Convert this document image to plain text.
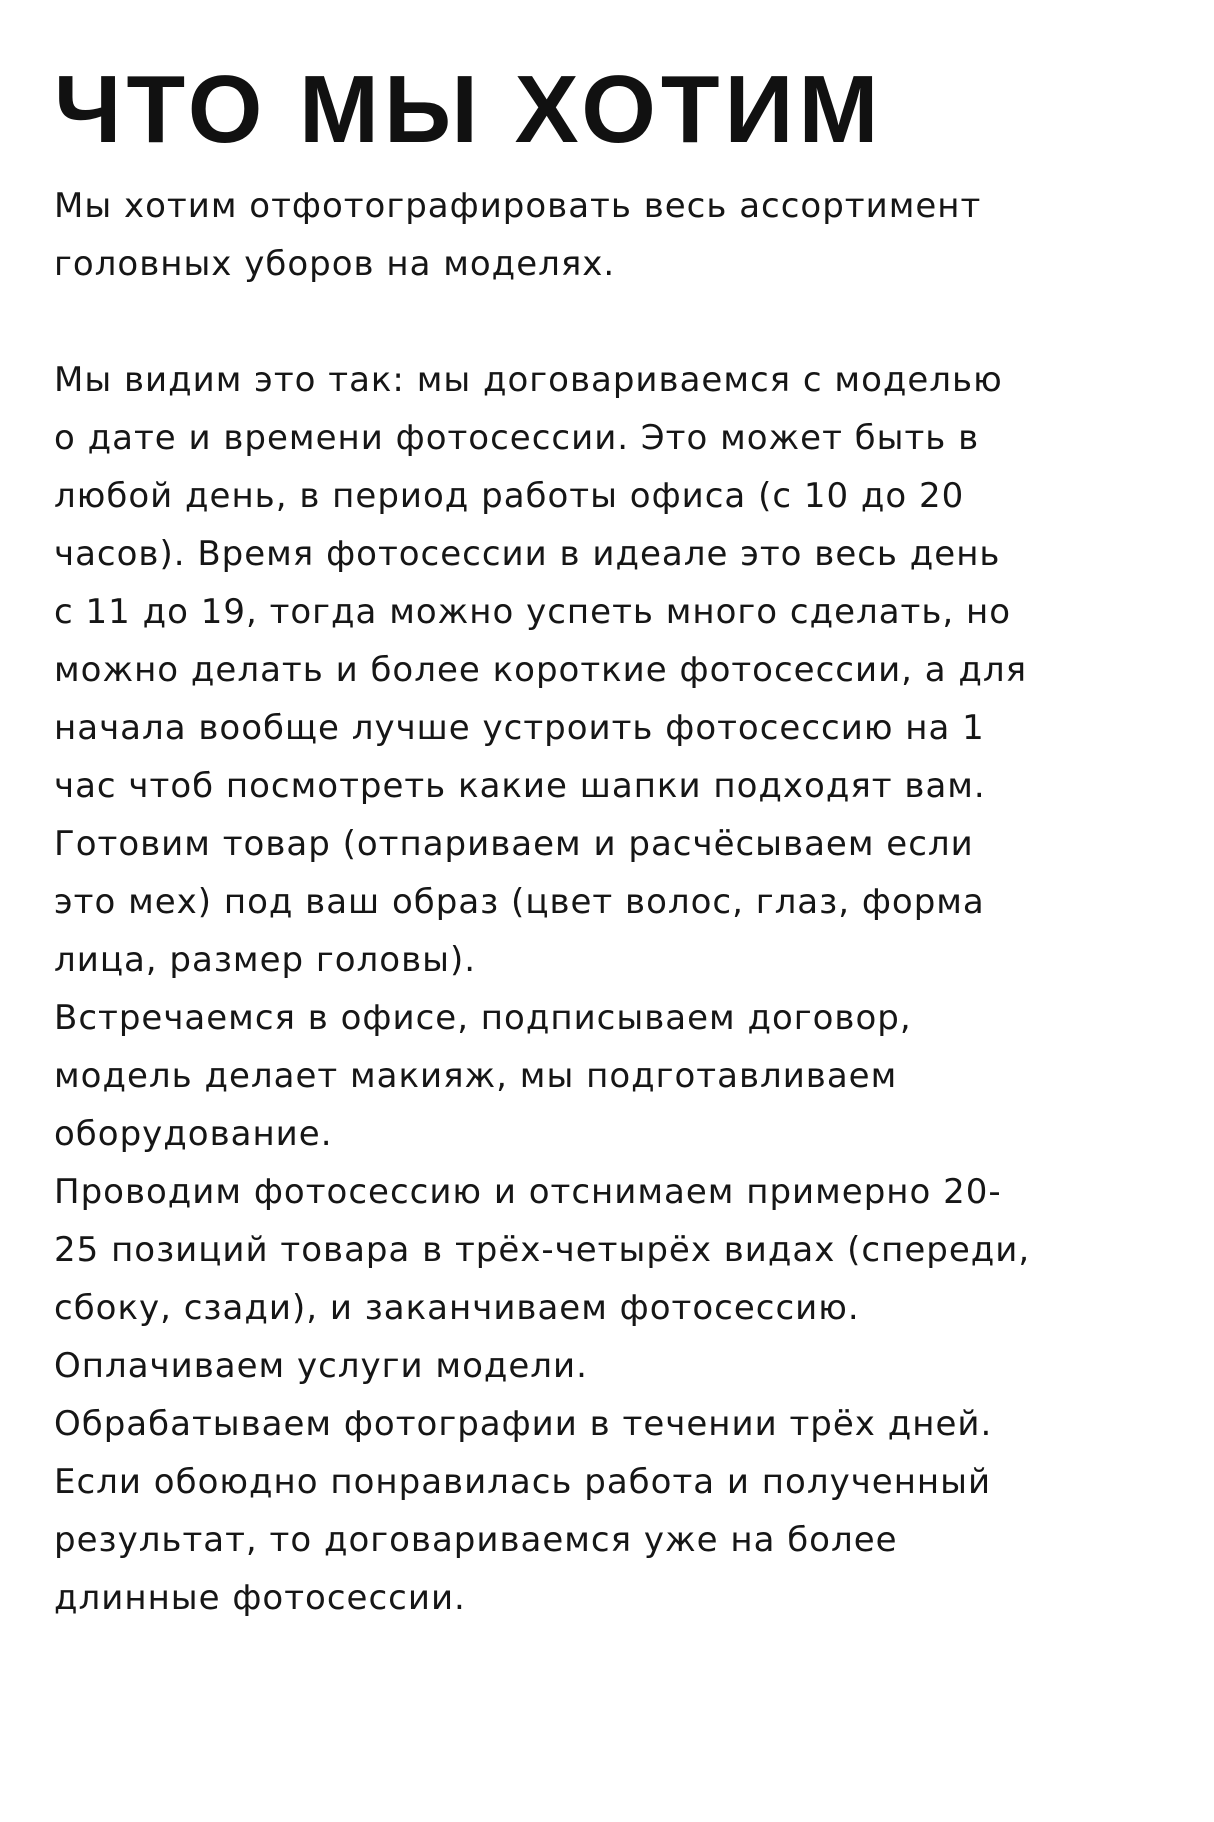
ЧТО МЫ ХОТИМ
Мы хотим отфотографировать весь ассортимент
головных уборов на моделях.
Мы видим это так: мы договариваемся с моделью
о дате и времени фотосессии. Это может быть в
любой день, в период работы офиса (с 10 до 20
часов). Время фотосессии в идеале это весь день
с 11 до 19, тогда можно успеть много сделать, но
можно делать и более короткие фотосессии, а для
начала вообще лучше устроить фотосессию на 1
час чтоб посмотреть какие шапки подходят вам.
Готовим товар (отпариваем и расчёсываем если
это мех) под ваш образ (цвет волос, глаз, форма
лица, размер головы).
Встречаемся в офисе, подписываем договор,
модель делает макияж, мы подготавливаем
оборудование.
Проводим фотосессию и отснимаем примерно 20-
25 позиций товара в трёх-четырёх видах (спереди,
сбоку, сзади), и заканчиваем фотосессию.
Оплачиваем услуги модели.
Обрабатываем фотографии в течении трёх дней.
Если обоюдно понравилась работа и полученный
результат, то договариваемся уже на более
длинные фотосессии.
